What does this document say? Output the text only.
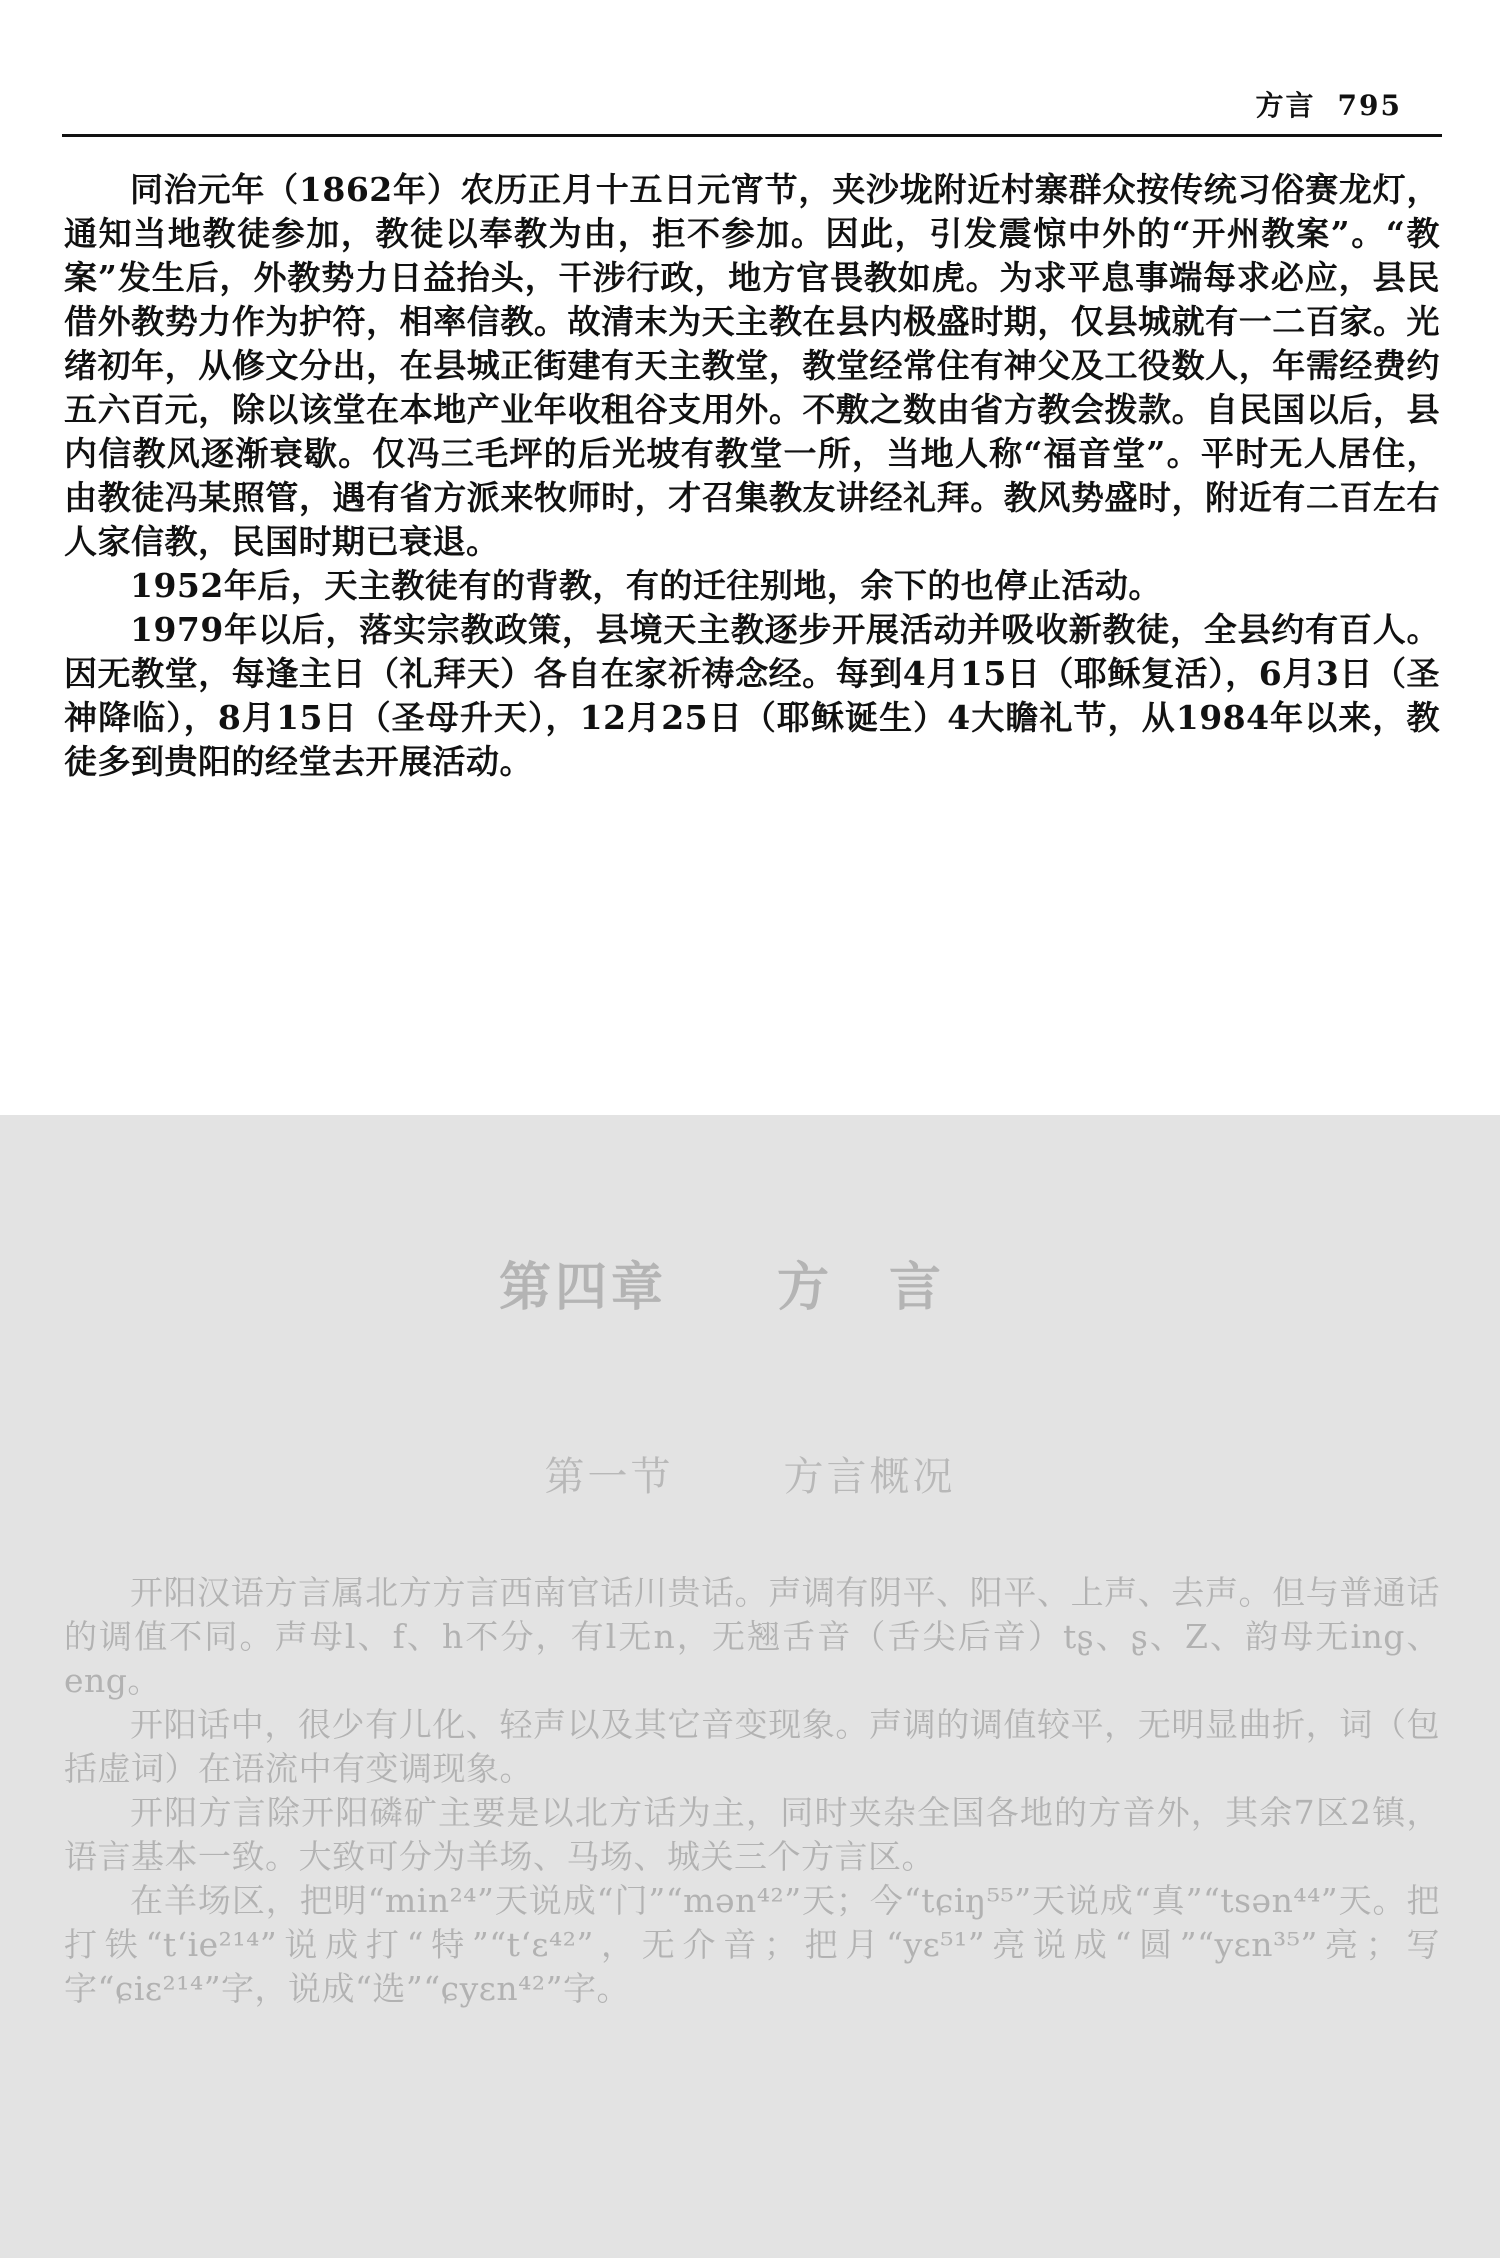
方言 795

同治元年（1862年）农历正月十五日元宵节，夹沙垅附近村寨群众按传统习俗赛龙灯，通知当地教徒参加，教徒以奉教为由，拒不参加。因此，引发震惊中外的“开州教案”。“教案”发生后，外教势力日益抬头，干涉行政，地方官畏教如虎。为求平息事端每求必应，县民借外教势力作为护符，相率信教。故清末为天主教在县内极盛时期，仅县城就有一二百家。光绪初年，从修文分出，在县城正街建有天主教堂，教堂经常住有神父及工役数人，年需经费约五六百元，除以该堂在本地产业年收租谷支用外。不敷之数由省方教会拨款。自民国以后，县内信教风逐渐衰歇。仅冯三毛坪的后光坡有教堂一所，当地人称“福音堂”。平时无人居住，由教徒冯某照管，遇有省方派来牧师时，才召集教友讲经礼拜。教风势盛时，附近有二百左右人家信教，民国时期已衰退。

1952年后，天主教徒有的背教，有的迁往别地，余下的也停止活动。

1979年以后，落实宗教政策，县境天主教逐步开展活动并吸收新教徒，全县约有百人。因无教堂，每逢主日（礼拜天）各自在家祈祷念经。每到4月15日（耶稣复活），6月3日（圣神降临），8月15日（圣母升天），12月25日（耶稣诞生）4大瞻礼节，从1984年以来，教徒多到贵阳的经堂去开展活动。

第四章 方言
第一节	方言概况

开阳汉语方言属北方方言西南官话川贵话。声调有阴平、阳平、上声、去声。但与普通话的调值不同。声母l、f、h不分，有l无n，无翘舌音（舌尖后音）tʂ、ʂ、Z、韵母无ing、eng。

开阳话中，很少有儿化、轻声以及其它音变现象。声调的调值较平，无明显曲折，词（包括虚词）在语流中有变调现象。

开阳方言除开阳磷矿主要是以北方话为主，同时夹杂全国各地的方音外，其余7区2镇，语言基本一致。大致可分为羊场、马场、城关三个方言区。

在羊场区，把明“min²⁴”天说成“门”“mən⁴²”天；今“tɕiŋ⁵⁵”天说成“真”“tsən⁴⁴”天。把打铁“tʻie²¹⁴”说成打“特”“tʻɛ⁴²”，无介音；把月“yɛ⁵¹”亮说成“圆”“yɛn³⁵”亮；写字“ɕiɛ²¹⁴”字，说成“选”“ɕyɛn⁴²”字。
